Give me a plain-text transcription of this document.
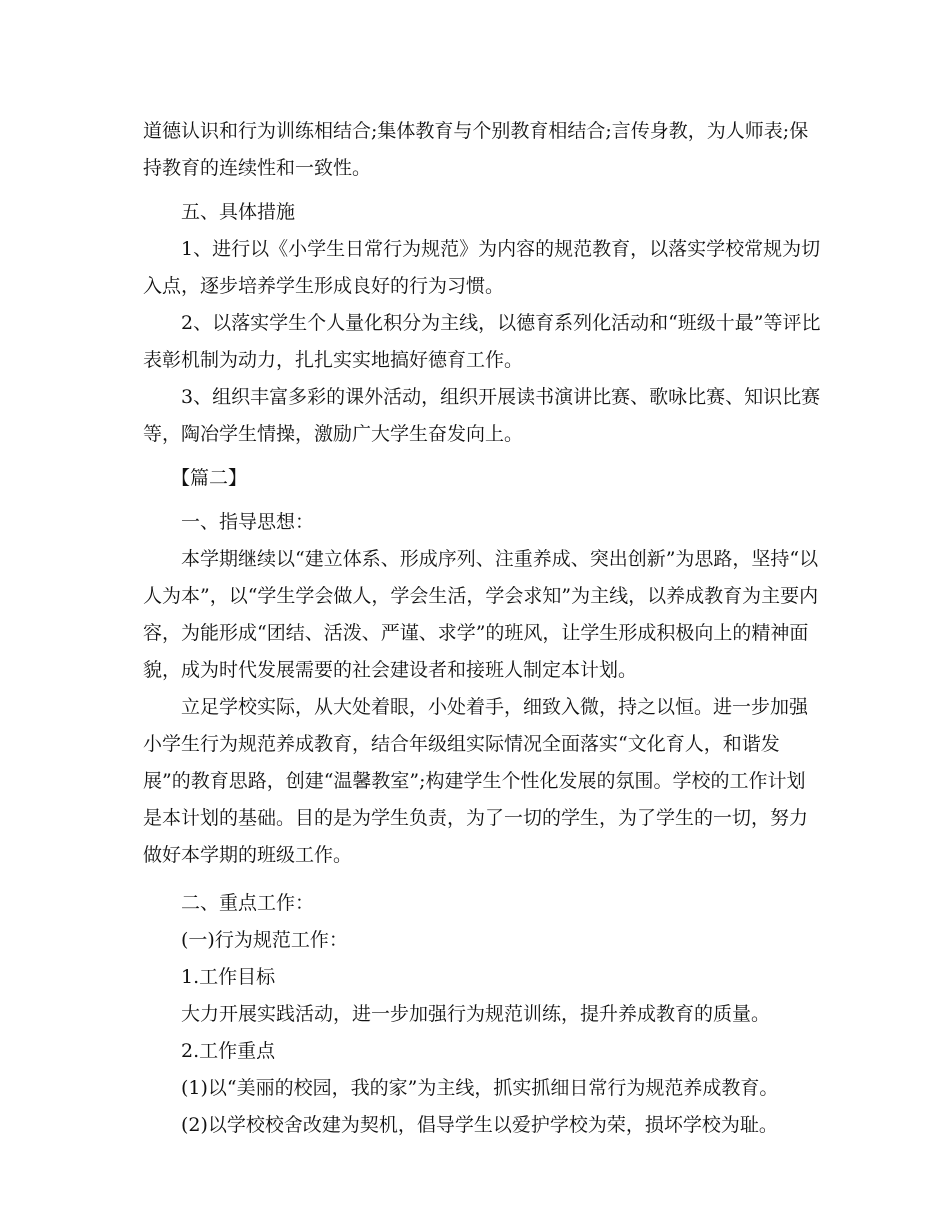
道德认识和行为训练相结合;集体教育与个别教育相结合;言传身教，为人师表;保
持教育的连续性和一致性。

五、具体措施

1、进行以《小学生日常行为规范》为内容的规范教育，以落实学校常规为切
入点，逐步培养学生形成良好的行为习惯。

2、以落实学生个人量化积分为主线，以德育系列化活动和“班级十最”等评比
表彰机制为动力，扎扎实实地搞好德育工作。

3、组织丰富多彩的课外活动，组织开展读书演讲比赛、歌咏比赛、知识比赛
等，陶冶学生情操，激励广大学生奋发向上。

【篇二】

一、指导思想：

本学期继续以“建立体系、形成序列、注重养成、突出创新”为思路，坚持“以
人为本”，以“学生学会做人，学会生活，学会求知”为主线，以养成教育为主要内
容，为能形成“团结、活泼、严谨、求学”的班风，让学生形成积极向上的精神面
貌，成为时代发展需要的社会建设者和接班人制定本计划。

立足学校实际，从大处着眼，小处着手，细致入微，持之以恒。进一步加强
小学生行为规范养成教育，结合年级组实际情况全面落实“文化育人，和谐发
展”的教育思路，创建“温馨教室”;构建学生个性化发展的氛围。学校的工作计划
是本计划的基础。目的是为学生负责，为了一切的学生，为了学生的一切，努力
做好本学期的班级工作。

二、重点工作：

(一)行为规范工作：

1.工作目标

大力开展实践活动，进一步加强行为规范训练，提升养成教育的质量。

2.工作重点

(1)以“美丽的校园，我的家”为主线，抓实抓细日常行为规范养成教育。

(2)以学校校舍改建为契机，倡导学生以爱护学校为荣，损坏学校为耻。
